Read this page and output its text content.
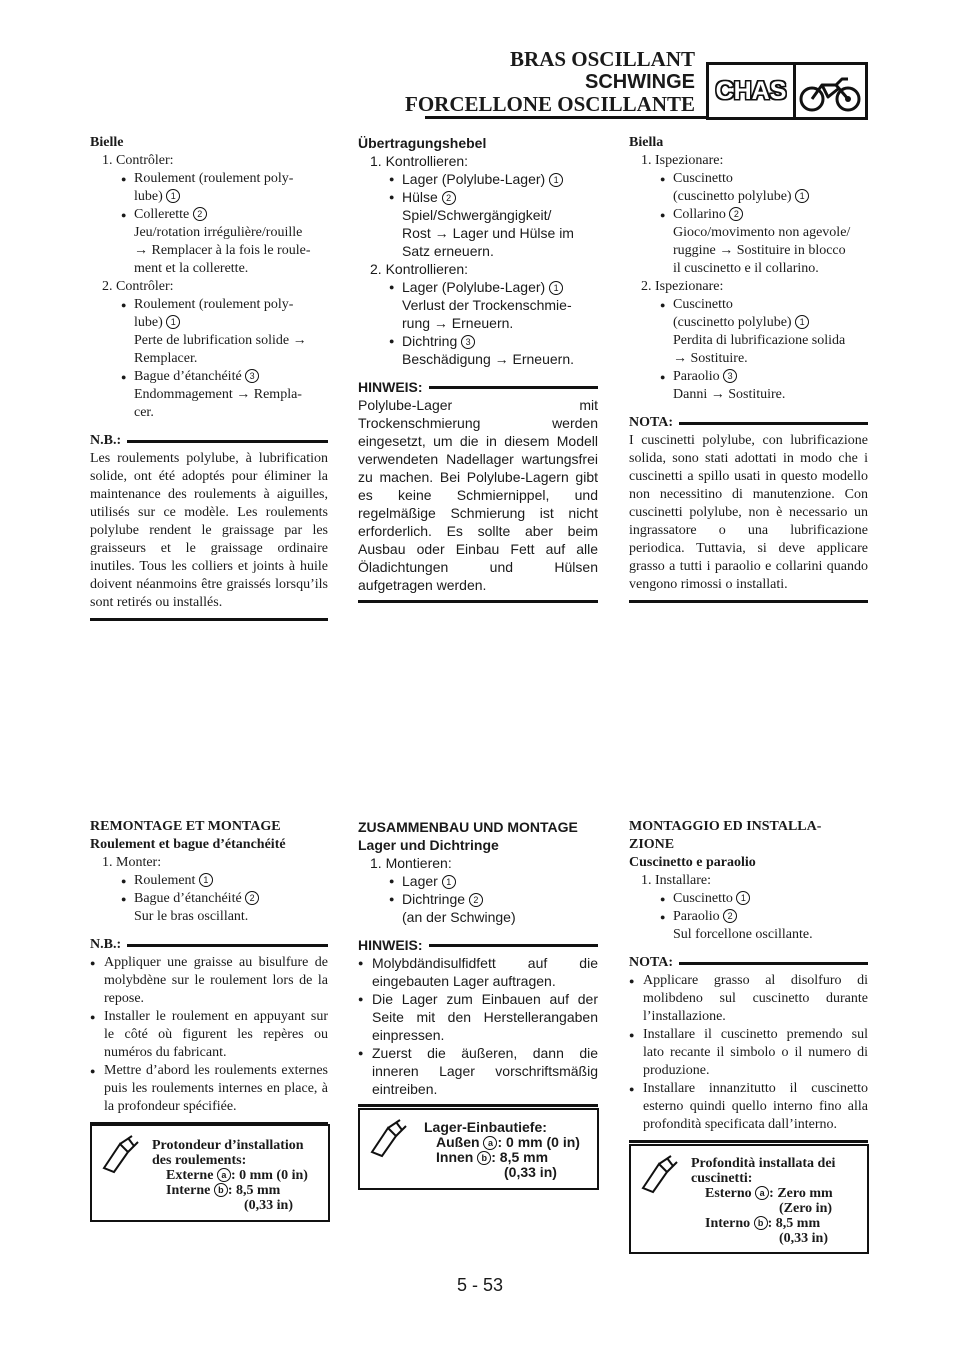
BRAS OSCILLANT
SCHWINGE
FORCELLONE OSCILLANTE CHAS

Bielle

1. Contrôler:

● Roulement (roulement poly-

lube) 1

● Collerette 2

Jeu/rotation irrégulière/rouille

→ Remplacer à la fois le roule-

ment et la collerette.

2. Contrôler:

● Roulement (roulement poly-

lube) 1

Perte de lubrification solide →

Remplacer.

● Bague d’étanchéité 3

Endommagement → Rempla-

cer.

N.B.:

Les roulements polylube, à lubrification solide, ont été adoptés pour éliminer la maintenance des roulements à aiguilles, utilisés sur ce modèle. Les roulements polylube rendent le graissage par les graisseurs et le graissage ordinaire inutiles. Tous les colliers et joints à huile doivent néanmoins être graissés lorsqu’ils sont retirés ou installés.

Übertragungshebel

1. Kontrollieren:

● Lager (Polylube-Lager) 1

● Hülse 2

Spiel/Schwergängigkeit/

Rost → Lager und Hülse im

Satz erneuern.

2. Kontrollieren:

● Lager (Polylube-Lager) 1

Verlust der Trockenschmie-

rung → Erneuern.

● Dichtring 3

Beschädigung → Erneuern.

HINWEIS:

Polylube-Lager mit Trockenschmierung werden eingesetzt, um die in diesem Modell verwendeten Nadellager wartungsfrei zu machen. Bei Polylube-Lagern gibt es keine Schmiernippel, und regelmäßige Schmierung ist nicht erforderlich. Es sollte aber beim Ausbau oder Einbau Fett auf alle Öladichtungen und Hülsen aufgetragen werden.

Biella

1. Ispezionare:

● Cuscinetto

(cuscinetto polylube) 1

● Collarino 2

Gioco/movimento non agevole/

ruggine → Sostituire in blocco

il cuscinetto e il collarino.

2. Ispezionare:

● Cuscinetto

(cuscinetto polylube) 1

Perdita di lubrificazione solida

→ Sostituire.

● Paraolio 3

Danni → Sostituire.

NOTA:

I cuscinetti polylube, con lubrificazione solida, sono stati adottati in modo che i cuscinetti a spillo usati in questo modello non necessitino di manutenzione. Con cuscinetti polylube, non è necessario un ingrassatore o una lubrificazione periodica. Tuttavia, si deve applicare grasso a tutti i paraolio e collarini quando vengono rimossi o installati.

REMONTAGE ET MONTAGE

Roulement et bague d’étanchéité

1. Monter:

● Roulement 1

● Bague d’étanchéité 2

Sur le bras oscillant.

N.B.:

● Appliquer une graisse au bisulfure de molybdène sur le roulement lors de la repose.

● Installer le roulement en appuyant sur le côté où figurent les repères ou numéros du fabricant.

● Mettre d’abord les roulements externes puis les roulements internes en place, à la profondeur spécifiée.

Protondeur d’installation
des roulements:
Externe a : 0 mm (0 in)
Interne b : 8,5 mm
(0,33 in)

ZUSAMMENBAU UND MONTAGE

Lager und Dichtringe

1. Montieren:

● Lager 1

● Dichtringe 2

(an der Schwinge)

HINWEIS:

● Molybdändisulfidfett auf die eingebauten Lager auftragen.

● Die Lager zum Einbauen auf der Seite mit den Herstellerangaben einpressen.

● Zuerst die äußeren, dann die inneren Lager vorschriftsmäßig eintreiben.

Lager-Einbautiefe:
Außen a : 0 mm (0 in)
Innen b : 8,5 mm
(0,33 in)

MONTAGGIO ED INSTALLA-

ZIONE

Cuscinetto e paraolio

1. Installare:

● Cuscinetto 1

● Paraolio 2

Sul forcellone oscillante.

NOTA:

● Applicare grasso al disolfuro di molibdeno sul cuscinetto durante l’installazione.

● Installare il cuscinetto premendo sul lato recante il simbolo o il numero di produzione.

● Installare innanzitutto il cuscinetto esterno quindi quello interno fino alla profondità specificata dall’interno.

Profondità installata dei
cuscinetti:
Esterno a : Zero mm
(Zero in)
Interno b : 8,5 mm
(0,33 in)
5 - 53
